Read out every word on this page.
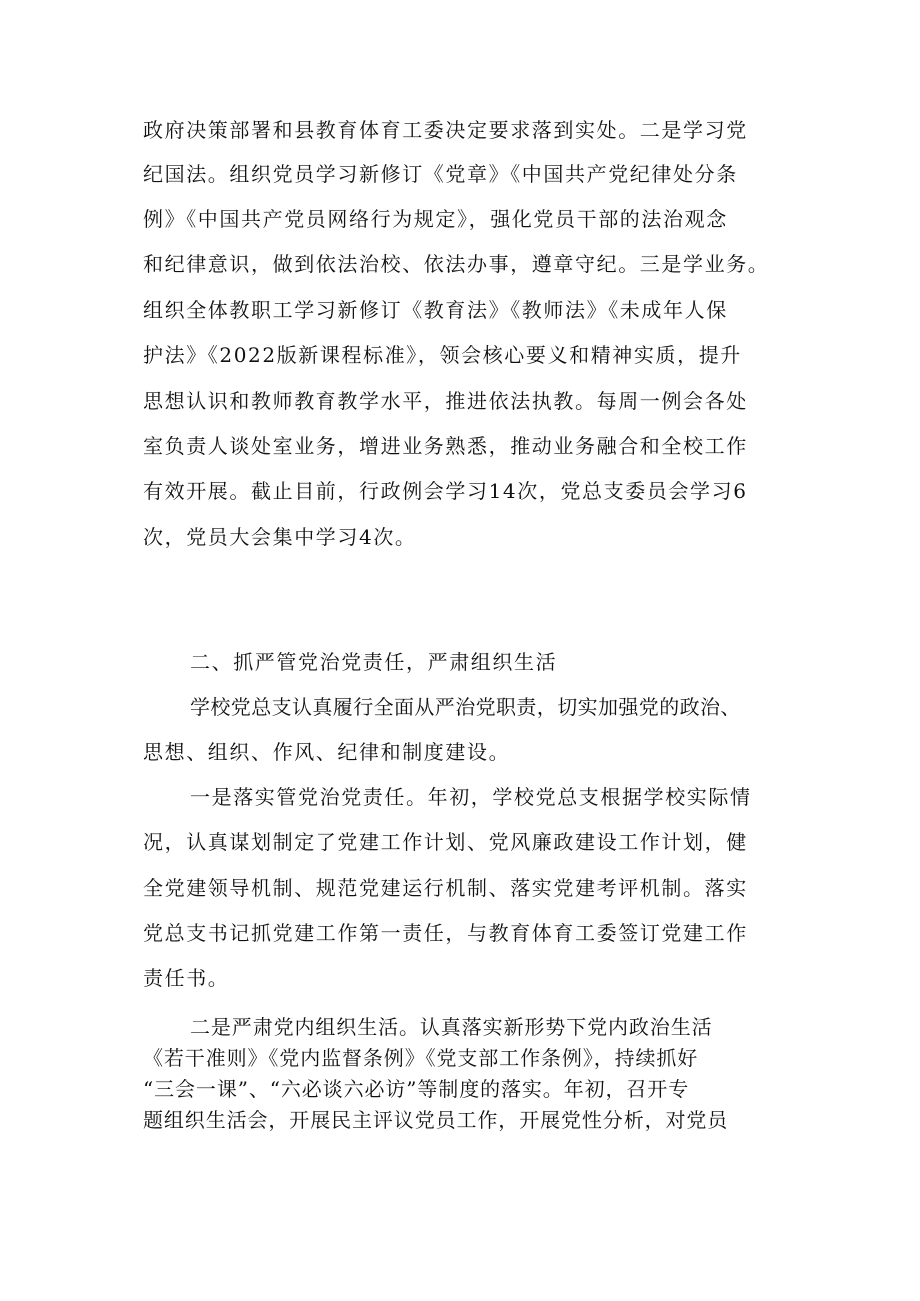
政府决策部署和县教育体育工委决定要求落到实处。二是学习党
纪国法。组织党员学习新修订《党章》《中国共产党纪律处分条
例》《中国共产党员网络行为规定》，强化党员干部的法治观念
和纪律意识，做到依法治校、依法办事，遵章守纪。三是学业务。
组织全体教职工学习新修订《教育法》《教师法》《未成年人保
护法》《2022版新课程标准》，领会核心要义和精神实质，提升
思想认识和教师教育教学水平，推进依法执教。每周一例会各处
室负责人谈处室业务，增进业务熟悉，推动业务融合和全校工作
有效开展。截止目前，行政例会学习14次，党总支委员会学习6
次，党员大会集中学习4次。
二、抓严管党治党责任，严肃组织生活
学校党总支认真履行全面从严治党职责，切实加强党的政治、
思想、组织、作风、纪律和制度建设。
一是落实管党治党责任。年初，学校党总支根据学校实际情
况，认真谋划制定了党建工作计划、党风廉政建设工作计划，健
全党建领导机制、规范党建运行机制、落实党建考评机制。落实
党总支书记抓党建工作第一责任，与教育体育工委签订党建工作
责任书。
二是严肃党内组织生活。认真落实新形势下党内政治生活
《若干准则》《党内监督条例》《党支部工作条例》，持续抓好
“三会一课”、“六必谈六必访”等制度的落实。年初，召开专
题组织生活会，开展民主评议党员工作，开展党性分析，对党员
